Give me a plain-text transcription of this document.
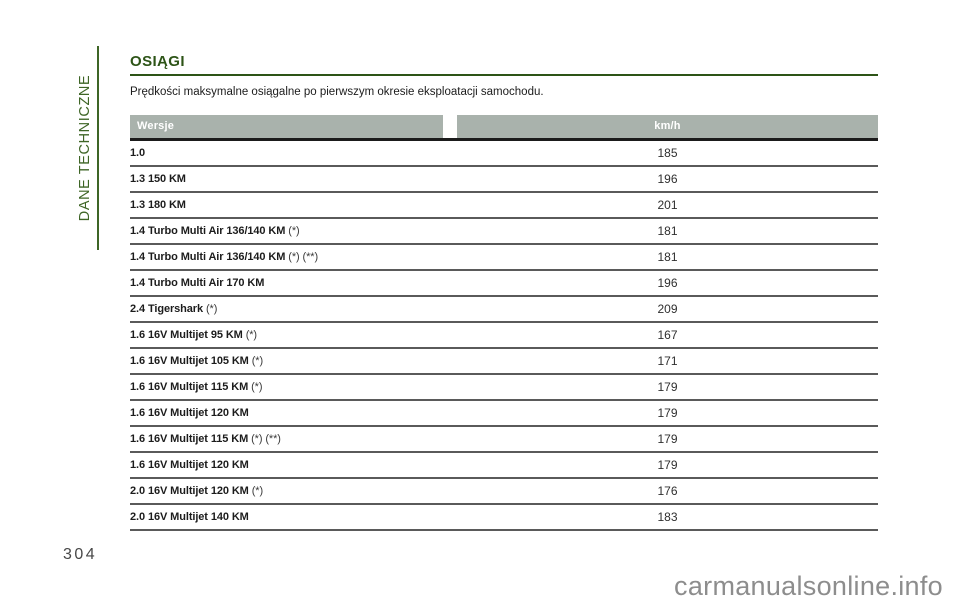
DANE TECHNICZNE
OSIĄGI

Prędkości maksymalne osiągalne po pierwszym okresie eksploatacji samochodu.

Wersje	km/h
1.0	185
1.3 150 KM	196
1.3 180 KM	201
1.4 Turbo Multi Air 136/140 KM (*)	181
1.4 Turbo Multi Air 136/140 KM (*) (**)	181
1.4 Turbo Multi Air 170 KM	196
2.4 Tigershark (*)	209
1.6 16V Multijet 95 KM (*)	167
1.6 16V Multijet 105 KM (*)	171
1.6 16V Multijet 115 KM (*)	179
1.6 16V Multijet 120 KM	179
1.6 16V Multijet 115 KM (*) (**)	179
1.6 16V Multijet 120 KM	179
2.0 16V Multijet 120 KM (*)	176
2.0 16V Multijet 140 KM	183
304
carmanualsonline.info
